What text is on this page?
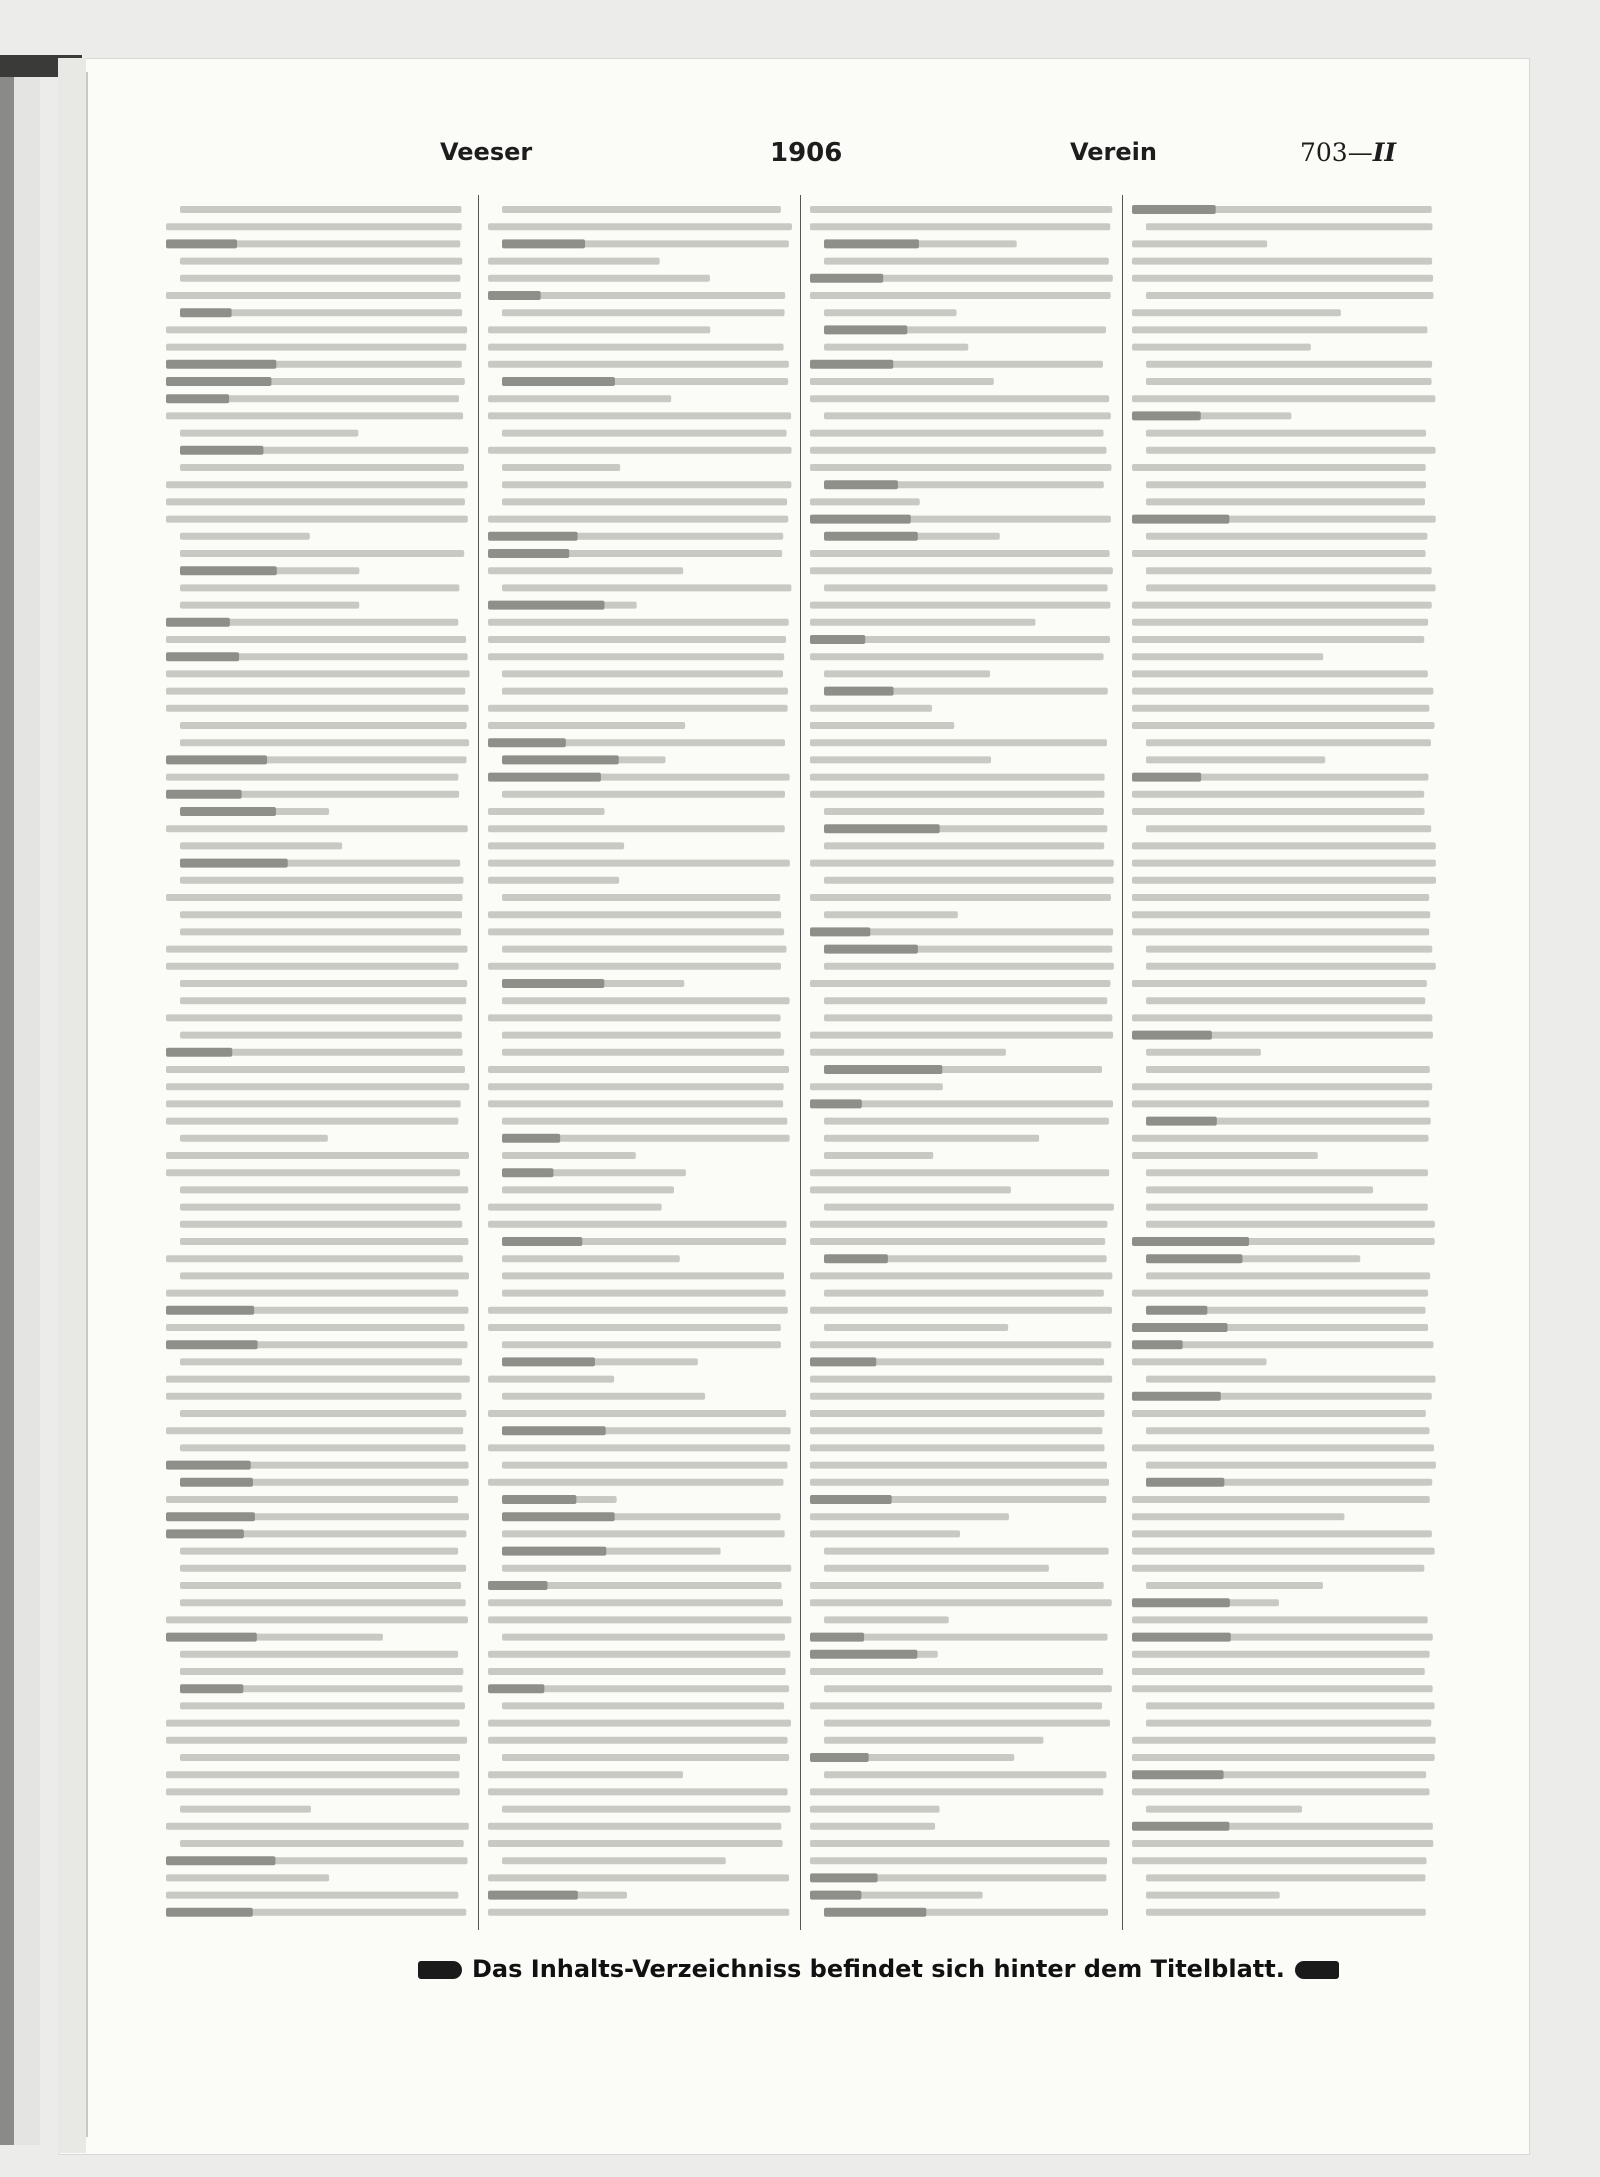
Veeser	1906	Verein	703—II
Das Inhalts-Verzeichniss befindet sich hinter dem Titelblatt.
